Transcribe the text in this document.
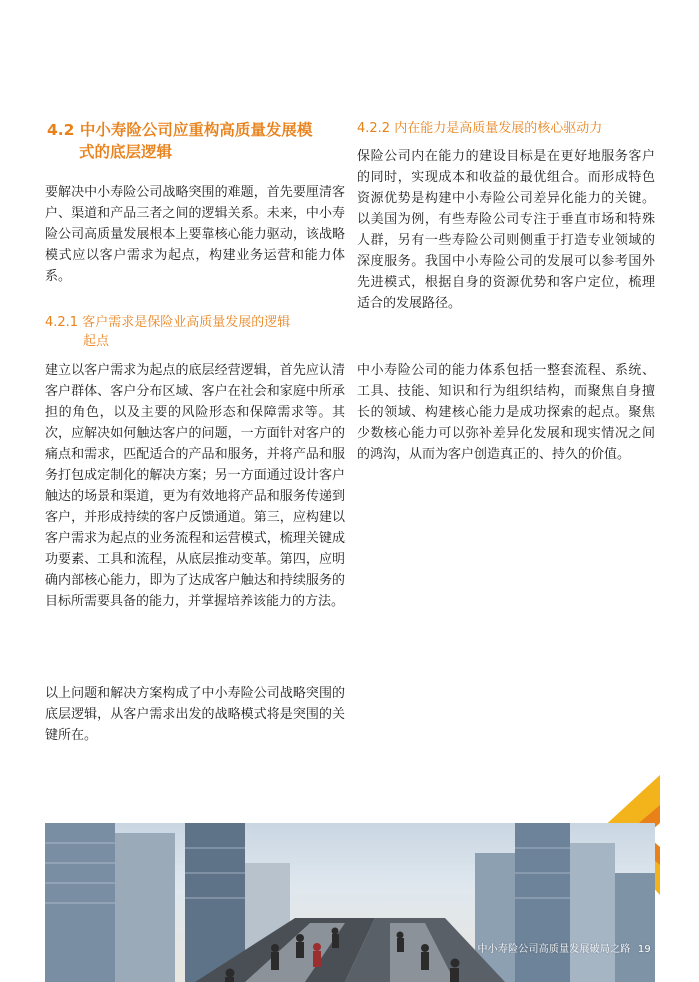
4.2 中小寿险公司应重构高质量发展模
式的底层逻辑

要解决中小寿险公司战略突围的难题，首先要厘清客户、渠道和产品三者之间的逻辑关系。未来，中小寿险公司高质量发展根本上要靠核心能力驱动，该战略模式应以客户需求为起点，构建业务运营和能力体系。

4.2.1 客户需求是保险业高质量发展的逻辑
起点

建立以客户需求为起点的底层经营逻辑，首先应认清客户群体、客户分布区域、客户在社会和家庭中所承担的角色，以及主要的风险形态和保障需求等。其次，应解决如何触达客户的问题，一方面针对客户的痛点和需求，匹配适合的产品和服务，并将产品和服务打包成定制化的解决方案；另一方面通过设计客户触达的场景和渠道，更为有效地将产品和服务传递到客户，并形成持续的客户反馈通道。第三，应构建以客户需求为起点的业务流程和运营模式，梳理关键成功要素、工具和流程，从底层推动变革。第四，应明确内部核心能力，即为了达成客户触达和持续服务的目标所需要具备的能力，并掌握培养该能力的方法。

以上问题和解决方案构成了中小寿险公司战略突围的底层逻辑，从客户需求出发的战略模式将是突围的关键所在。

4.2.2 内在能力是高质量发展的核心驱动力

保险公司内在能力的建设目标是在更好地服务客户的同时，实现成本和收益的最优组合。而形成特色资源优势是构建中小寿险公司差异化能力的关键。以美国为例，有些寿险公司专注于垂直市场和特殊人群，另有一些寿险公司则侧重于打造专业领域的深度服务。我国中小寿险公司的发展可以参考国外先进模式，根据自身的资源优势和客户定位，梳理适合的发展路径。

中小寿险公司的能力体系包括一整套流程、系统、工具、技能、知识和行为组织结构，而聚焦自身擅长的领域、构建核心能力是成功探索的起点。聚焦少数核心能力可以弥补差异化发展和现实情况之间的鸿沟，从而为客户创造真正的、持久的价值。

中小寿险公司高质量发展破局之路 19
